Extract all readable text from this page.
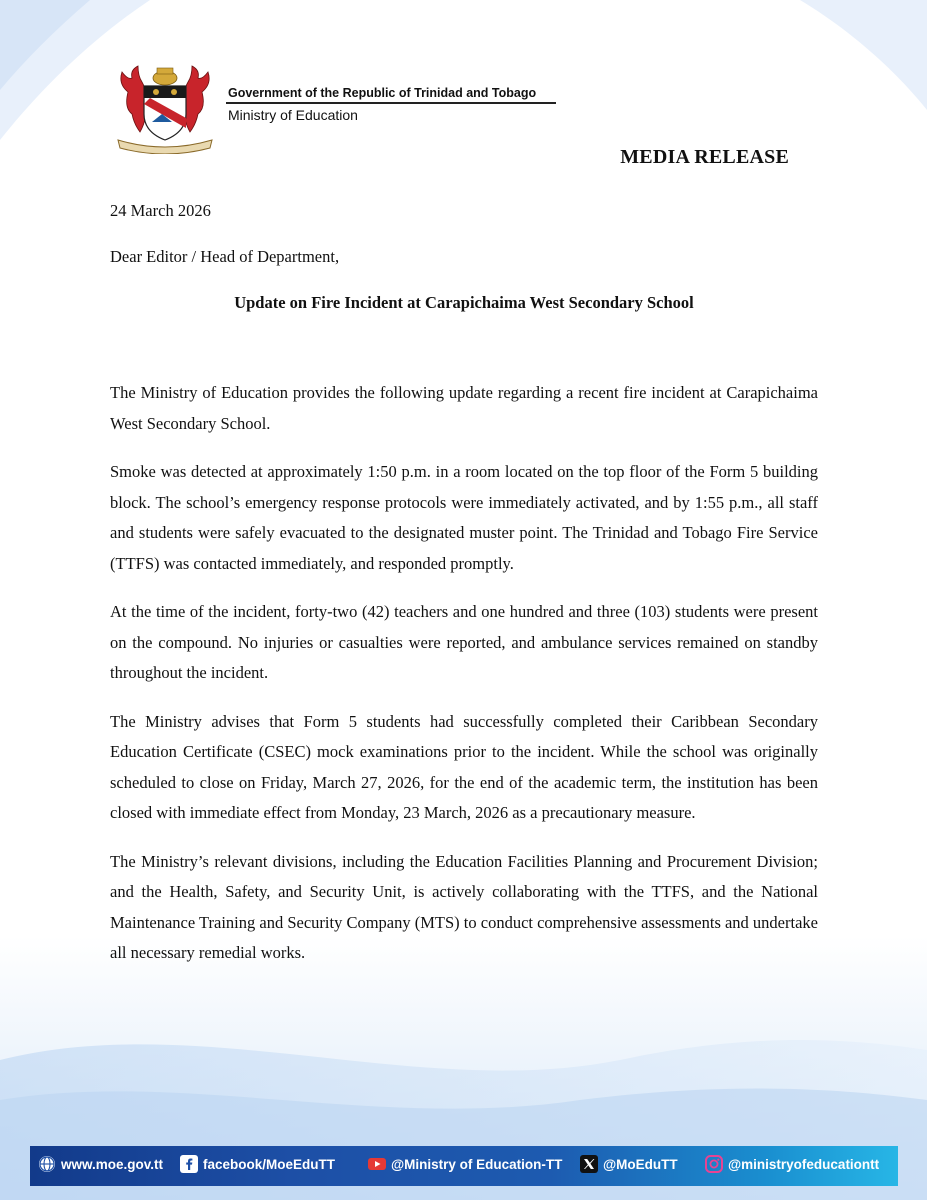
Government of the Republic of Trinidad and Tobago
Ministry of Education
MEDIA RELEASE

24 March 2026

Dear Editor / Head of Department,

Update on Fire Incident at Carapichaima West Secondary School

The Ministry of Education provides the following update regarding a recent fire incident at Carapichaima West Secondary School.

Smoke was detected at approximately 1:50 p.m. in a room located on the top floor of the Form 5 building block. The school’s emergency response protocols were immediately activated, and by 1:55 p.m., all staff and students were safely evacuated to the designated muster point. The Trinidad and Tobago Fire Service (TTFS) was contacted immediately, and responded promptly.

At the time of the incident, forty-two (42) teachers and one hundred and three (103) students were present on the compound. No injuries or casualties were reported, and ambulance services remained on standby throughout the incident.

The Ministry advises that Form 5 students had successfully completed their Caribbean Secondary Education Certificate (CSEC) mock examinations prior to the incident. While the school was originally scheduled to close on Friday, March 27, 2026, for the end of the academic term, the institution has been closed with immediate effect from Monday, 23 March, 2026 as a precautionary measure.

The Ministry’s relevant divisions, including the Education Facilities Planning and Procurement Division; and the Health, Safety, and Security Unit, is actively collaborating with the TTFS, and the National Maintenance Training and Security Company (MTS) to conduct comprehensive assessments and undertake all necessary remedial works.

www.moe.gov.tt	facebook/MoeEduTT	@Ministry of Education-TT	@MoEduTT	@ministryofeducationtt
